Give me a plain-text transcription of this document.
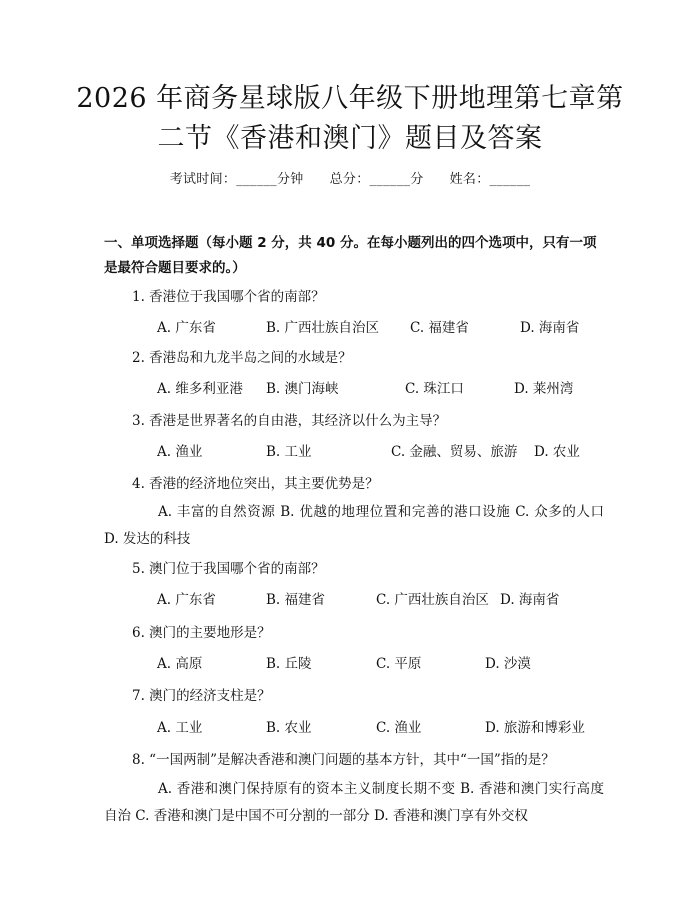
2026 年商务星球版八年级下册地理第七章第
二节《香港和澳门》题目及答案
考试时间：______分钟 总分：______分 姓名：______
一、单项选择题（每小题 2 分，共 40 分。在每小题列出的四个选项中，只有一项是最符合题目要求的。）
1. 香港位于我国哪个省的南部？
A. 广东省	B. 广西壮族自治区 C. 福建省	D. 海南省
2. 香港岛和九龙半岛之间的水域是？
A. 维多利亚港 B. 澳门海峡	C. 珠江口	D. 莱州湾
3. 香港是世界著名的自由港，其经济以什么为主导？
A. 渔业	B. 工业	C. 金融、贸易、旅游 D. 农业
4. 香港的经济地位突出，其主要优势是？
A. 丰富的自然资源 B. 优越的地理位置和完善的港口设施 C. 众多的人口 D. 发达的科技
5. 澳门位于我国哪个省的南部？
A. 广东省	B. 福建省	C. 广西壮族自治区 D. 海南省
6. 澳门的主要地形是？
A. 高原	B. 丘陵	C. 平原	D. 沙漠
7. 澳门的经济支柱是？
A. 工业	B. 农业	C. 渔业	D. 旅游和博彩业
8. “一国两制”是解决香港和澳门问题的基本方针，其中“一国”指的是？
A. 香港和澳门保持原有的资本主义制度长期不变 B. 香港和澳门实行高度自治 C. 香港和澳门是中国不可分割的一部分 D. 香港和澳门享有外交权
